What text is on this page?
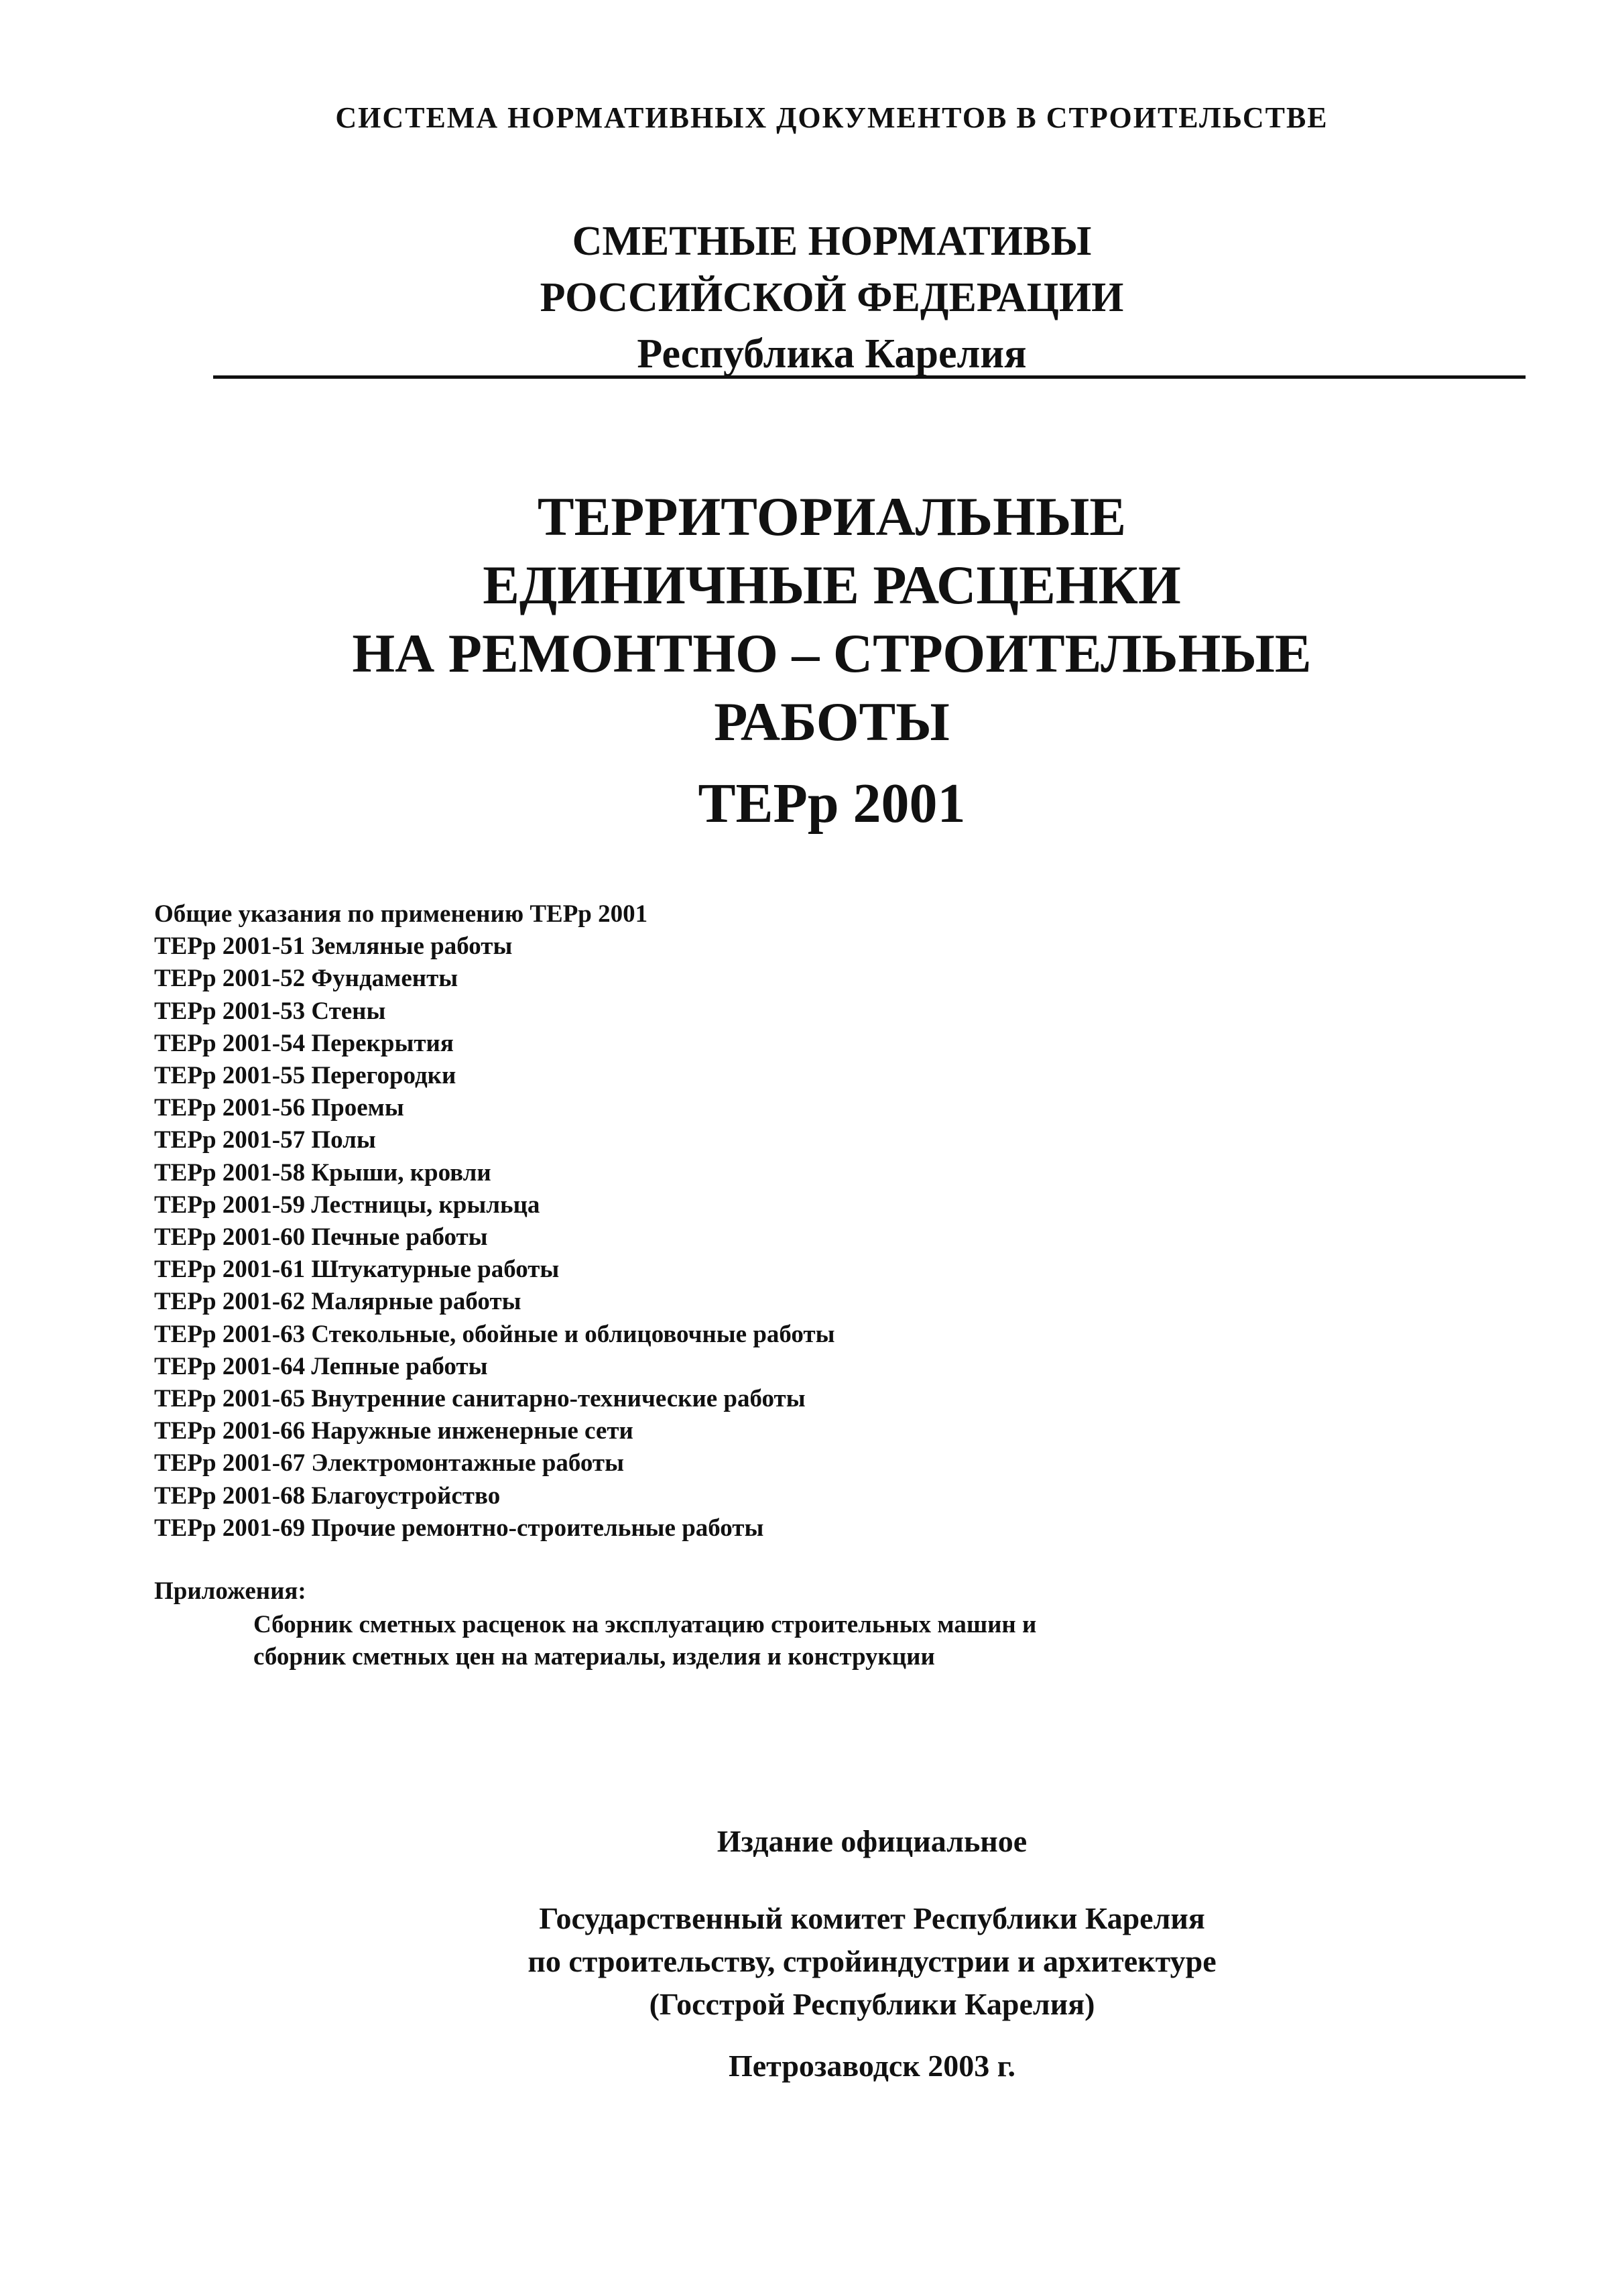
СИСТЕМА НОРМАТИВНЫХ ДОКУМЕНТОВ В СТРОИТЕЛЬСТВЕ
СМЕТНЫЕ НОРМАТИВЫ
РОССИЙСКОЙ ФЕДЕРАЦИИ
Республика Карелия
ТЕРРИТОРИАЛЬНЫЕ
ЕДИНИЧНЫЕ РАСЦЕНКИ
НА РЕМОНТНО – СТРОИТЕЛЬНЫЕ
РАБОТЫ
ТЕРр 2001
Общие указания по применению ТЕРр 2001
ТЕРр 2001-51 Земляные работы
ТЕРр 2001-52 Фундаменты
ТЕРр 2001-53 Стены
ТЕРр 2001-54 Перекрытия
ТЕРр 2001-55 Перегородки
ТЕРр 2001-56 Проемы
ТЕРр 2001-57 Полы
ТЕРр 2001-58 Крыши, кровли
ТЕРр 2001-59 Лестницы, крыльца
ТЕРр 2001-60 Печные работы
ТЕРр 2001-61 Штукатурные работы
ТЕРр 2001-62 Малярные работы
ТЕРр 2001-63 Стекольные, обойные и облицовочные работы
ТЕРр 2001-64 Лепные работы
ТЕРр 2001-65 Внутренние санитарно-технические работы
ТЕРр 2001-66 Наружные инженерные сети
ТЕРр 2001-67 Электромонтажные работы
ТЕРр 2001-68 Благоустройство
ТЕРр 2001-69 Прочие ремонтно-строительные работы
Приложения:
Сборник сметных расценок на эксплуатацию строительных машин и
сборник сметных цен на материалы, изделия и конструкции
Издание официальное
Государственный комитет Республики Карелия
по строительству, стройиндустрии и архитектуре
(Госстрой Республики Карелия)
Петрозаводск 2003 г.
